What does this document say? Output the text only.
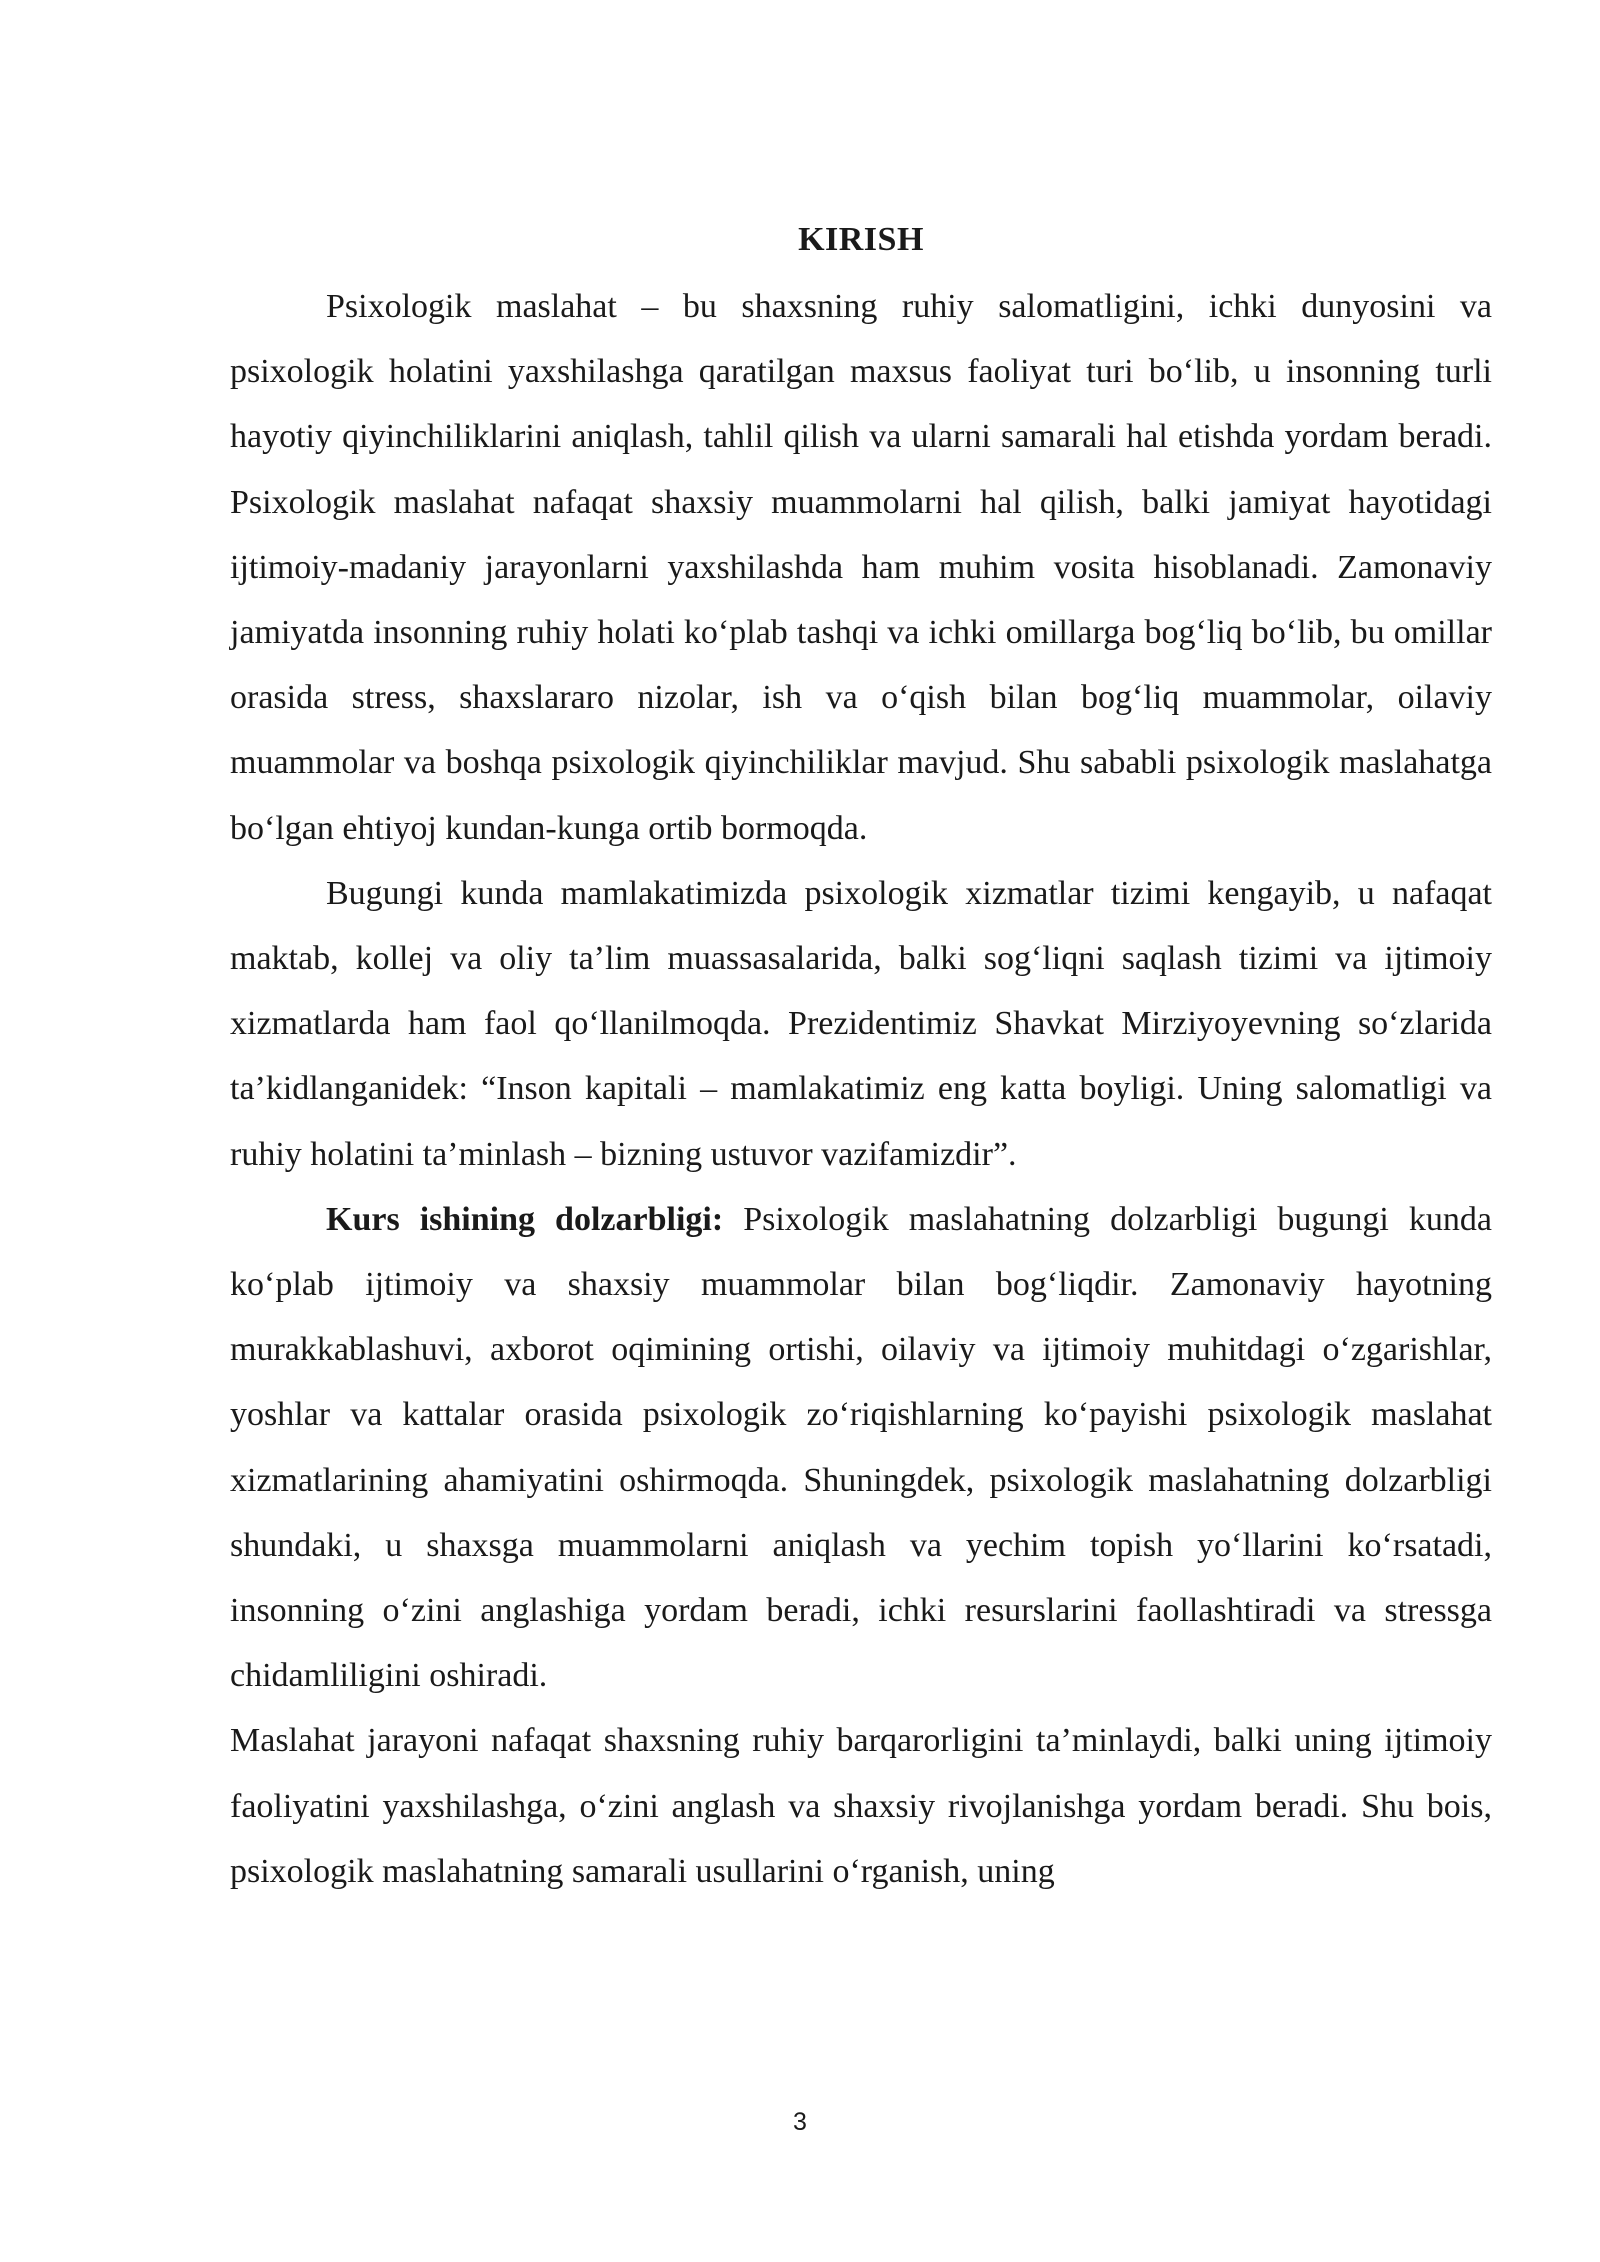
KIRISH

Psixologik maslahat – bu shaxsning ruhiy salomatligini, ichki dunyosini va psixologik holatini yaxshilashga qaratilgan maxsus faoliyat turi bo‘lib, u insonning turli hayotiy qiyinchiliklarini aniqlash, tahlil qilish va ularni samarali hal etishda yordam beradi. Psixologik maslahat nafaqat shaxsiy muammolarni hal qilish, balki jamiyat hayotidagi ijtimoiy-madaniy jarayonlarni yaxshilashda ham muhim vosita hisoblanadi. Zamonaviy jamiyatda insonning ruhiy holati ko‘plab tashqi va ichki omillarga bog‘liq bo‘lib, bu omillar orasida stress, shaxslararo nizolar, ish va o‘qish bilan bog‘liq muammolar, oilaviy muammolar va boshqa psixologik qiyinchiliklar mavjud. Shu sababli psixologik maslahatga bo‘lgan ehtiyoj kundan-kunga ortib bormoqda.

Bugungi kunda mamlakatimizda psixologik xizmatlar tizimi kengayib, u nafaqat maktab, kollej va oliy ta’lim muassasalarida, balki sog‘liqni saqlash tizimi va ijtimoiy xizmatlarda ham faol qo‘llanilmoqda. Prezidentimiz Shavkat Mirziyoyevning so‘zlarida ta’kidlanganidek: “Inson kapitali – mamlakatimiz eng katta boyligi. Uning salomatligi va ruhiy holatini ta’minlash – bizning ustuvor vazifamizdir”.

Kurs ishining dolzarbligi: Psixologik maslahatning dolzarbligi bugungi kunda ko‘plab ijtimoiy va shaxsiy muammolar bilan bog‘liqdir. Zamonaviy hayotning murakkablashuvi, axborot oqimining ortishi, oilaviy va ijtimoiy muhitdagi o‘zgarishlar, yoshlar va kattalar orasida psixologik zo‘riqishlarning ko‘payishi psixologik maslahat xizmatlarining ahamiyatini oshirmoqda. Shuningdek, psixologik maslahatning dolzarbligi shundaki, u shaxsga muammolarni aniqlash va yechim topish yo‘llarini ko‘rsatadi, insonning o‘zini anglashiga yordam beradi, ichki resurslarini faollashtiradi va stressga chidamliligini oshiradi.

Maslahat jarayoni nafaqat shaxsning ruhiy barqarorligini ta’minlaydi, balki uning ijtimoiy faoliyatini yaxshilashga, o‘zini anglash va shaxsiy rivojlanishga yordam beradi. Shu bois, psixologik maslahatning samarali usullarini o‘rganish, uning

3
